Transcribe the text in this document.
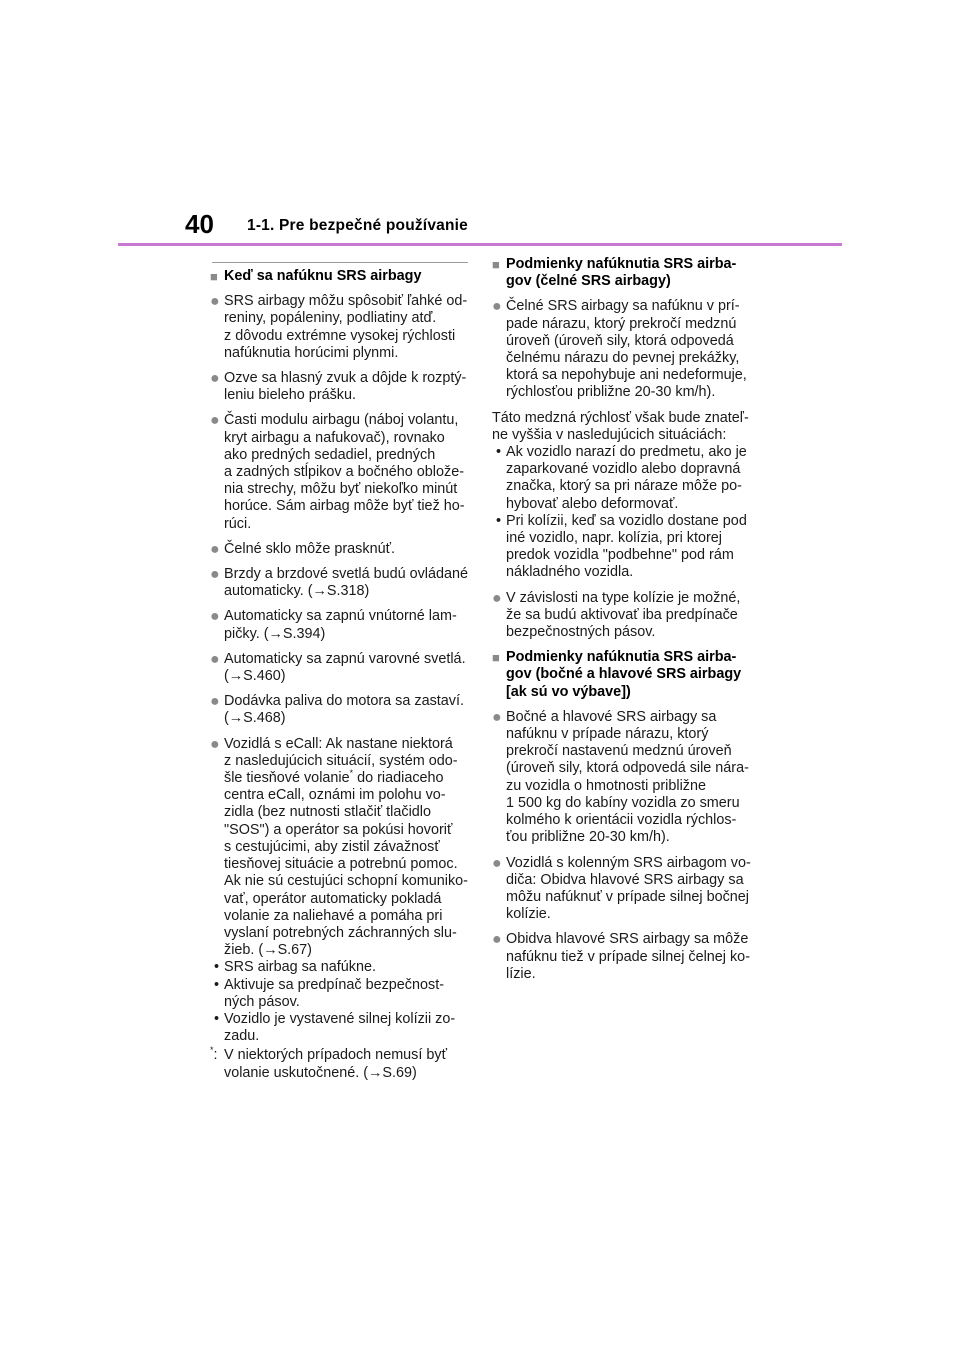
40 1-1. Pre bezpečné používanie
■ Keď sa nafúknu SRS airbagy
● SRS airbagy môžu spôsobiť ľahké od-
reniny, popáleniny, podliatiny atď.
z dôvodu extrémne vysokej rýchlosti
nafúknutia horúcimi plynmi.
● Ozve sa hlasný zvuk a dôjde k rozptý-
leniu bieleho prášku.
● Časti modulu airbagu (náboj volantu,
kryt airbagu a nafukovač), rovnako
ako predných sedadiel, predných
a zadných stĺpikov a bočného oblože-
nia strechy, môžu byť niekoľko minút
horúce. Sám airbag môže byť tiež ho-
rúci.
● Čelné sklo môže prasknúť.
● Brzdy a brzdové svetlá budú ovládané
automaticky. (→S.318)
● Automaticky sa zapnú vnútorné lam-
pičky. (→S.394)
● Automaticky sa zapnú varovné svetlá.
(→S.460)
● Dodávka paliva do motora sa zastaví.
(→S.468)
● Vozidlá s eCall: Ak nastane niektorá
z nasledujúcich situácií, systém odo-
šle tiesňové volanie* do riadiaceho
centra eCall, oznámi im polohu vo-
zidla (bez nutnosti stlačiť tlačidlo
"SOS") a operátor sa pokúsi hovoriť
s cestujúcimi, aby zistil závažnosť
tiesňovej situácie a potrebnú pomoc.
Ak nie sú cestujúci schopní komuniko-
vať, operátor automaticky pokladá
volanie za naliehavé a pomáha pri
vyslaní potrebných záchranných slu-
žieb. (→S.67)
• SRS airbag sa nafúkne.
• Aktivuje sa predpínač bezpečnost-
ných pásov.
• Vozidlo je vystavené silnej kolízii zo-
zadu.
*: V niektorých prípadoch nemusí byť
volanie uskutočnené. (→S.69)
■ Podmienky nafúknutia SRS airba-
gov (čelné SRS airbagy)
● Čelné SRS airbagy sa nafúknu v prí-
pade nárazu, ktorý prekročí medznú
úroveň (úroveň sily, ktorá odpovedá
čelnému nárazu do pevnej prekážky,
ktorá sa nepohybuje ani nedeformuje,
rýchlosťou približne 20-30 km/h).
Táto medzná rýchlosť však bude znateľ-
ne vyššia v nasledujúcich situáciách:
• Ak vozidlo narazí do predmetu, ako je
zaparkované vozidlo alebo dopravná
značka, ktorý sa pri náraze môže po-
hybovať alebo deformovať.
• Pri kolízii, keď sa vozidlo dostane pod
iné vozidlo, napr. kolízia, pri ktorej
predok vozidla "podbehne" pod rám
nákladného vozidla.
● V závislosti na type kolízie je možné,
že sa budú aktivovať iba predpínače
bezpečnostných pásov.
■ Podmienky nafúknutia SRS airba-
gov (bočné a hlavové SRS airbagy
[ak sú vo výbave])
● Bočné a hlavové SRS airbagy sa
nafúknu v prípade nárazu, ktorý
prekročí nastavenú medznú úroveň
(úroveň sily, ktorá odpovedá sile nára-
zu vozidla o hmotnosti približne
1 500 kg do kabíny vozidla zo smeru
kolmého k orientácii vozidla rýchlos-
ťou približne 20-30 km/h).
● Vozidlá s kolenným SRS airbagom vo-
diča: Obidva hlavové SRS airbagy sa
môžu nafúknuť v prípade silnej bočnej
kolízie.
● Obidva hlavové SRS airbagy sa môže
nafúknu tiež v prípade silnej čelnej ko-
lízie.
